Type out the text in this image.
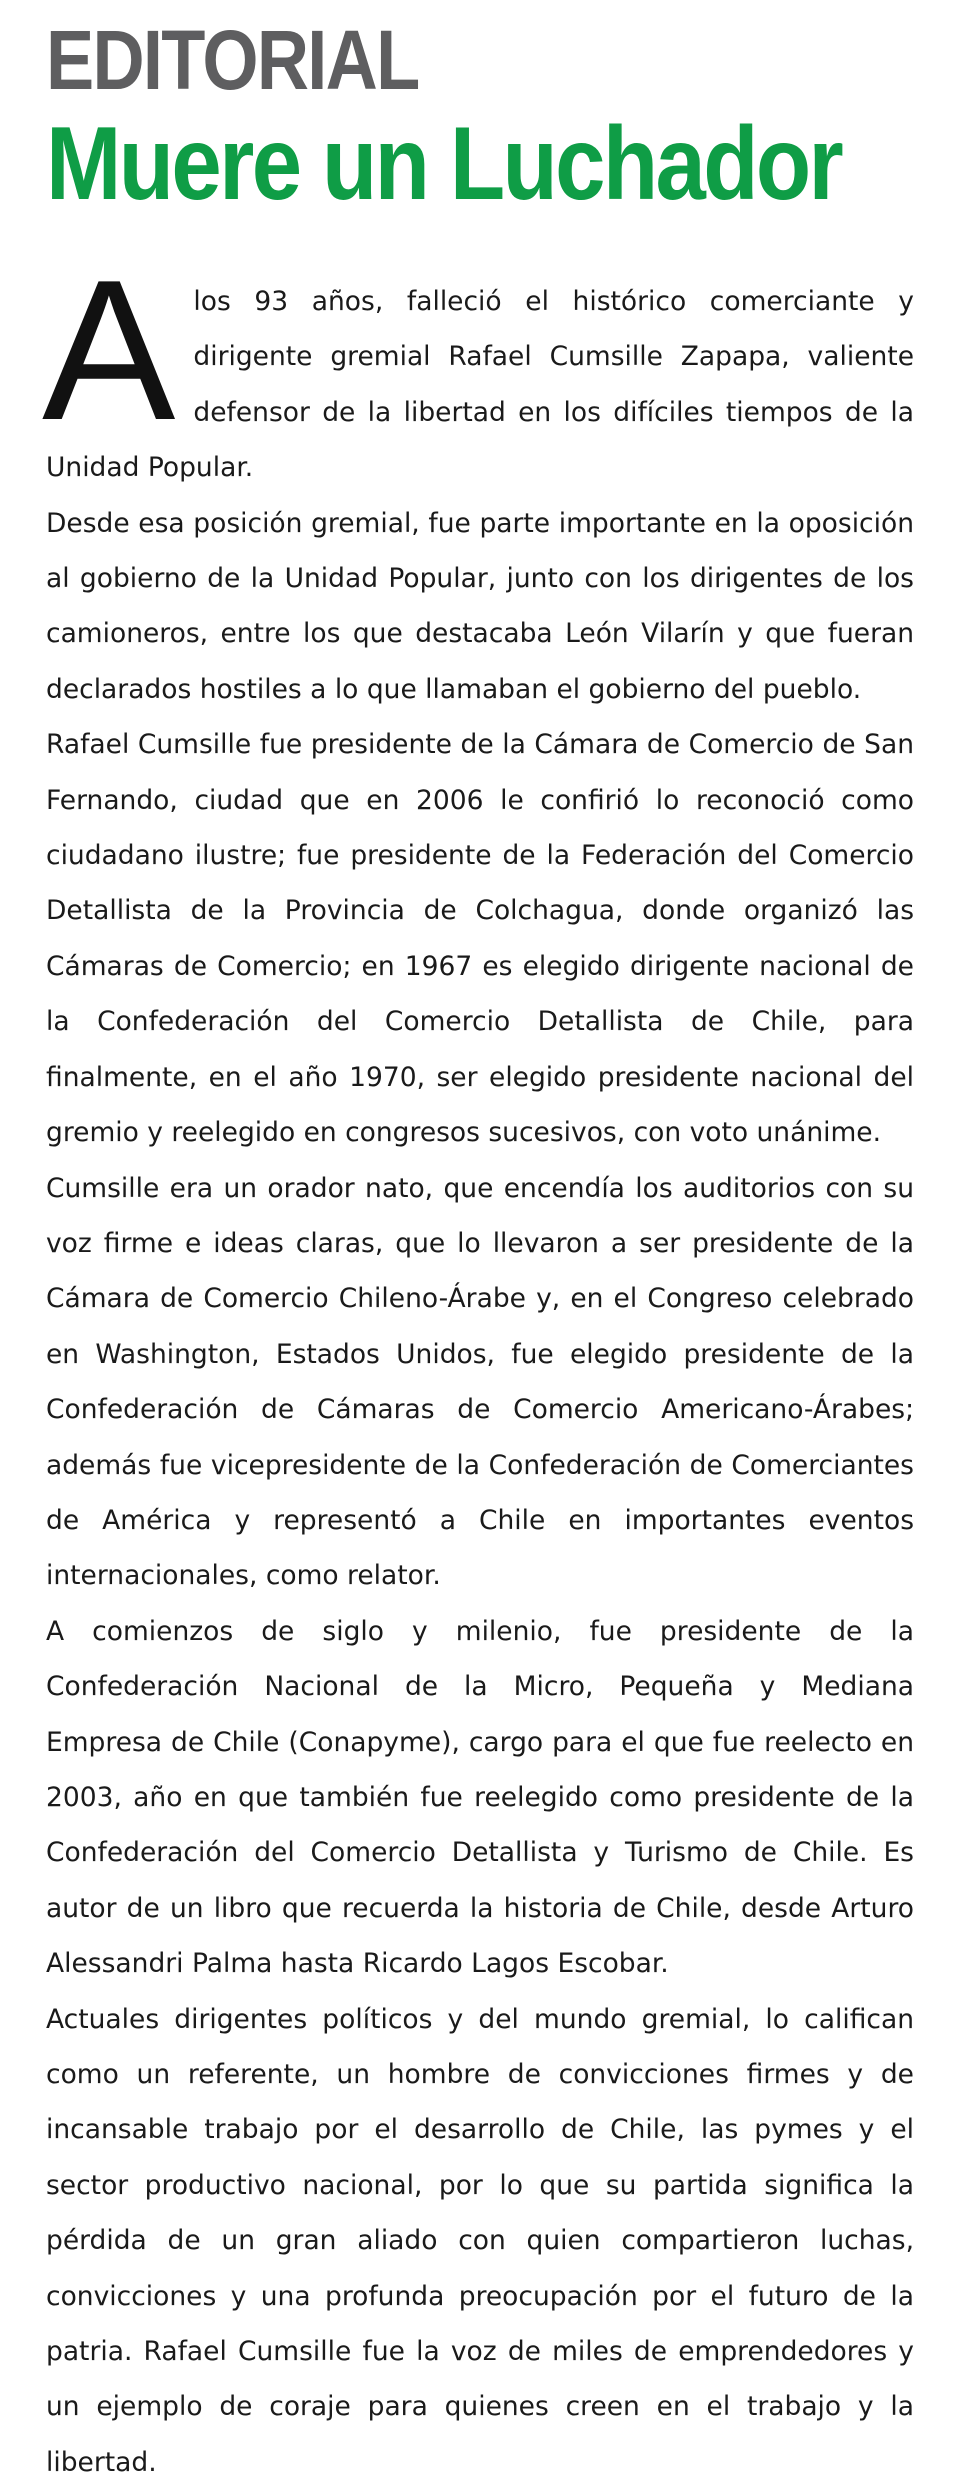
EDITORIAL
Muere un Luchador

Alos 93 años, falleció el histórico comerciante y dirigente gremial Rafael Cumsille Zapapa, valiente defensor de la libertad en los difíciles tiempos de la Unidad Popular.

Desde esa posición gremial, fue parte importante en la oposición al gobierno de la Unidad Popular, junto con los dirigentes de los camioneros, entre los que destacaba León Vilarín y que fueran declarados hostiles a lo que llamaban el gobierno del pueblo.

Rafael Cumsille fue presidente de la Cámara de Comercio de San Fernando, ciudad que en 2006 le confirió lo reconoció como ciudadano ilustre; fue presidente de la Federación del Comercio Detallista de la Provincia de Colchagua, donde organizó las Cámaras de Comercio; en 1967 es elegido dirigente nacional de la Confederación del Comercio Detallista de Chile, para finalmente, en el año 1970, ser elegido presidente nacional del gremio y reelegido en congresos sucesivos, con voto unánime.

Cumsille era un orador nato, que encendía los auditorios con su voz firme e ideas claras, que lo llevaron a ser presidente de la Cámara de Comercio Chileno-Árabe y, en el Congreso celebrado en Washington, Estados Unidos, fue elegido presidente de la Confederación de Cámaras de Comercio Americano-Árabes; además fue vicepresidente de la Confederación de Comerciantes de América y representó a Chile en importantes eventos internacionales, como relator.

A comienzos de siglo y milenio, fue presidente de la Confederación Nacional de la Micro, Pequeña y Mediana Empresa de Chile (Conapyme), cargo para el que fue reelecto en 2003, año en que también fue reelegido como presidente de la Confederación del Comercio Detallista y Turismo de Chile. Es autor de un libro que recuerda la historia de Chile, desde Arturo Alessandri Palma hasta Ricardo Lagos Escobar.

Actuales dirigentes políticos y del mundo gremial, lo califican como un referente, un hombre de convicciones firmes y de incansable trabajo por el desarrollo de Chile, las pymes y el sector productivo nacional, por lo que su partida significa la pérdida de un gran aliado con quien compartieron luchas, convicciones y una profunda preocupación por el futuro de la patria. Rafael Cumsille fue la voz de miles de emprendedores y un ejemplo de coraje para quienes creen en el trabajo y la libertad.
